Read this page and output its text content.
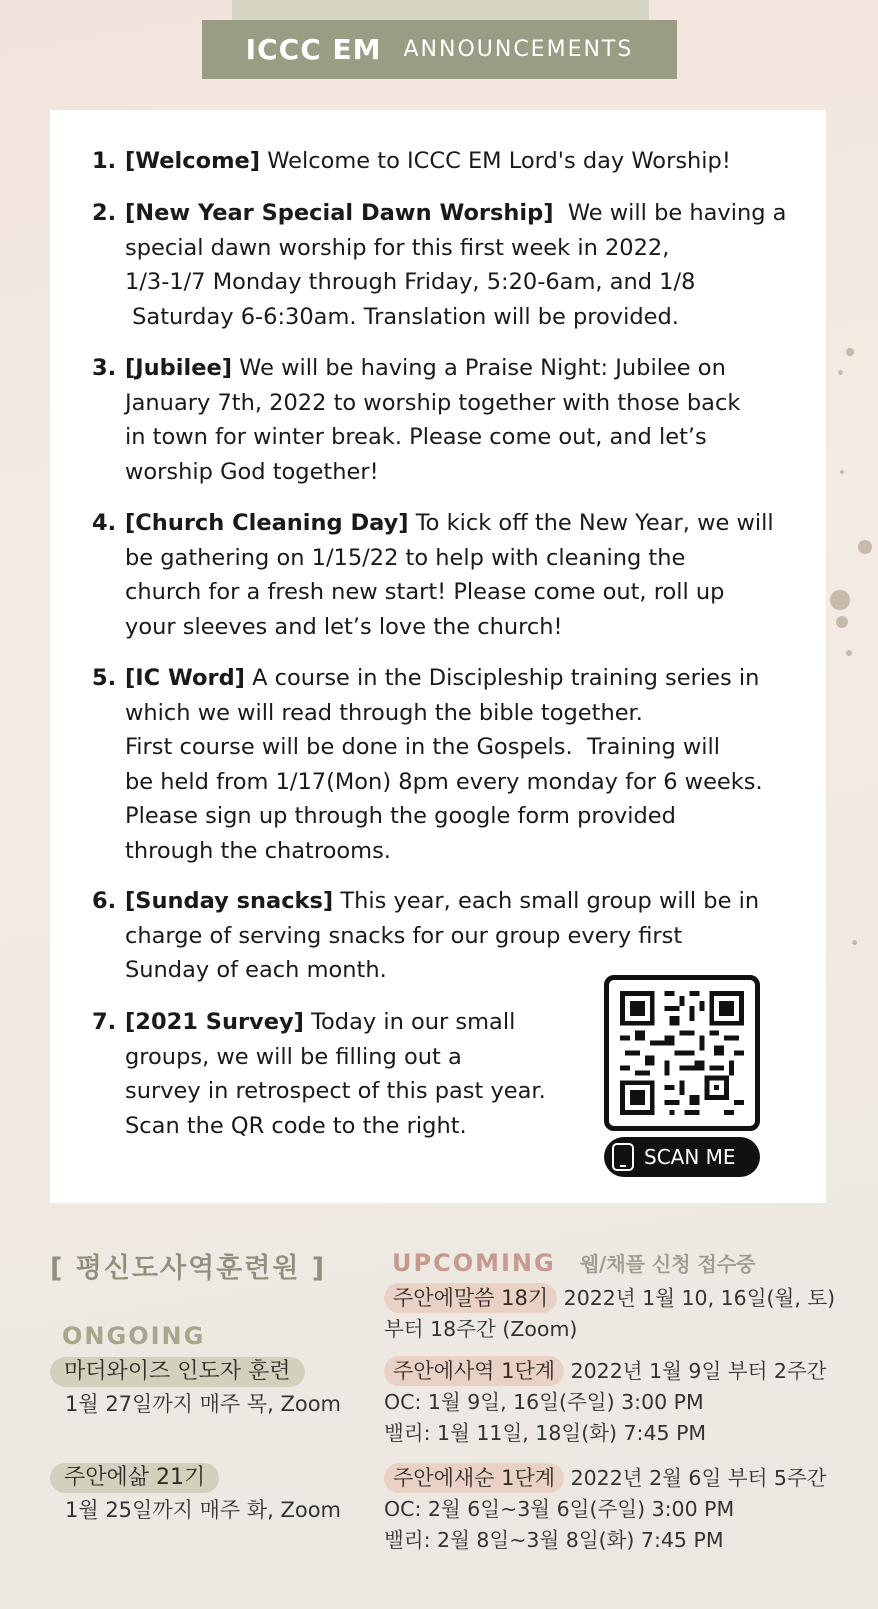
ICCC EM ANNOUNCEMENTS
1. [Welcome] Welcome to ICCC EM Lord's day Worship!
2. [New Year Special Dawn Worship] We will be having a
special dawn worship for this first week in 2022,
1/3-1/7 Monday through Friday, 5:20-6am, and 1/8
Saturday 6-6:30am. Translation will be provided.
3. [Jubilee] We will be having a Praise Night: Jubilee on
January 7th, 2022 to worship together with those back
in town for winter break. Please come out, and let’s
worship God together!
4. [Church Cleaning Day] To kick off the New Year, we will
be gathering on 1/15/22 to help with cleaning the
church for a fresh new start! Please come out, roll up
your sleeves and let’s love the church!
5. [IC Word] A course in the Discipleship training series in
which we will read through the bible together.
First course will be done in the Gospels.  Training will
be held from 1/17(Mon) 8pm every monday for 6 weeks.
Please sign up through the google form provided
through the chatrooms.
6. [Sunday snacks] This year, each small group will be in
charge of serving snacks for our group every first
Sunday of each month.
7. [2021 Survey] Today in our small
groups, we will be filling out a
survey in retrospect of this past year.
Scan the QR code to the right.
SCAN ME
[ 평신도사역훈련원 ]
ONGOING
마더와이즈 인도자 훈련
1월 27일까지 매주 목, Zoom
주안에삶 21기
1월 25일까지 매주 화, Zoom
UPCOMING 웹/채플 신청 접수중
주안에말씀 18기 2022년 1월 10, 16일(월, 토)
부터 18주간 (Zoom)
주안에사역 1단계 2022년 1월 9일 부터 2주간
OC: 1월 9일, 16일(주일) 3:00 PM
밸리: 1월 11일, 18일(화) 7:45 PM
주안에새순 1단계 2022년 2월 6일 부터 5주간
OC: 2월 6일~3월 6일(주일) 3:00 PM
밸리: 2월 8일~3월 8일(화) 7:45 PM
